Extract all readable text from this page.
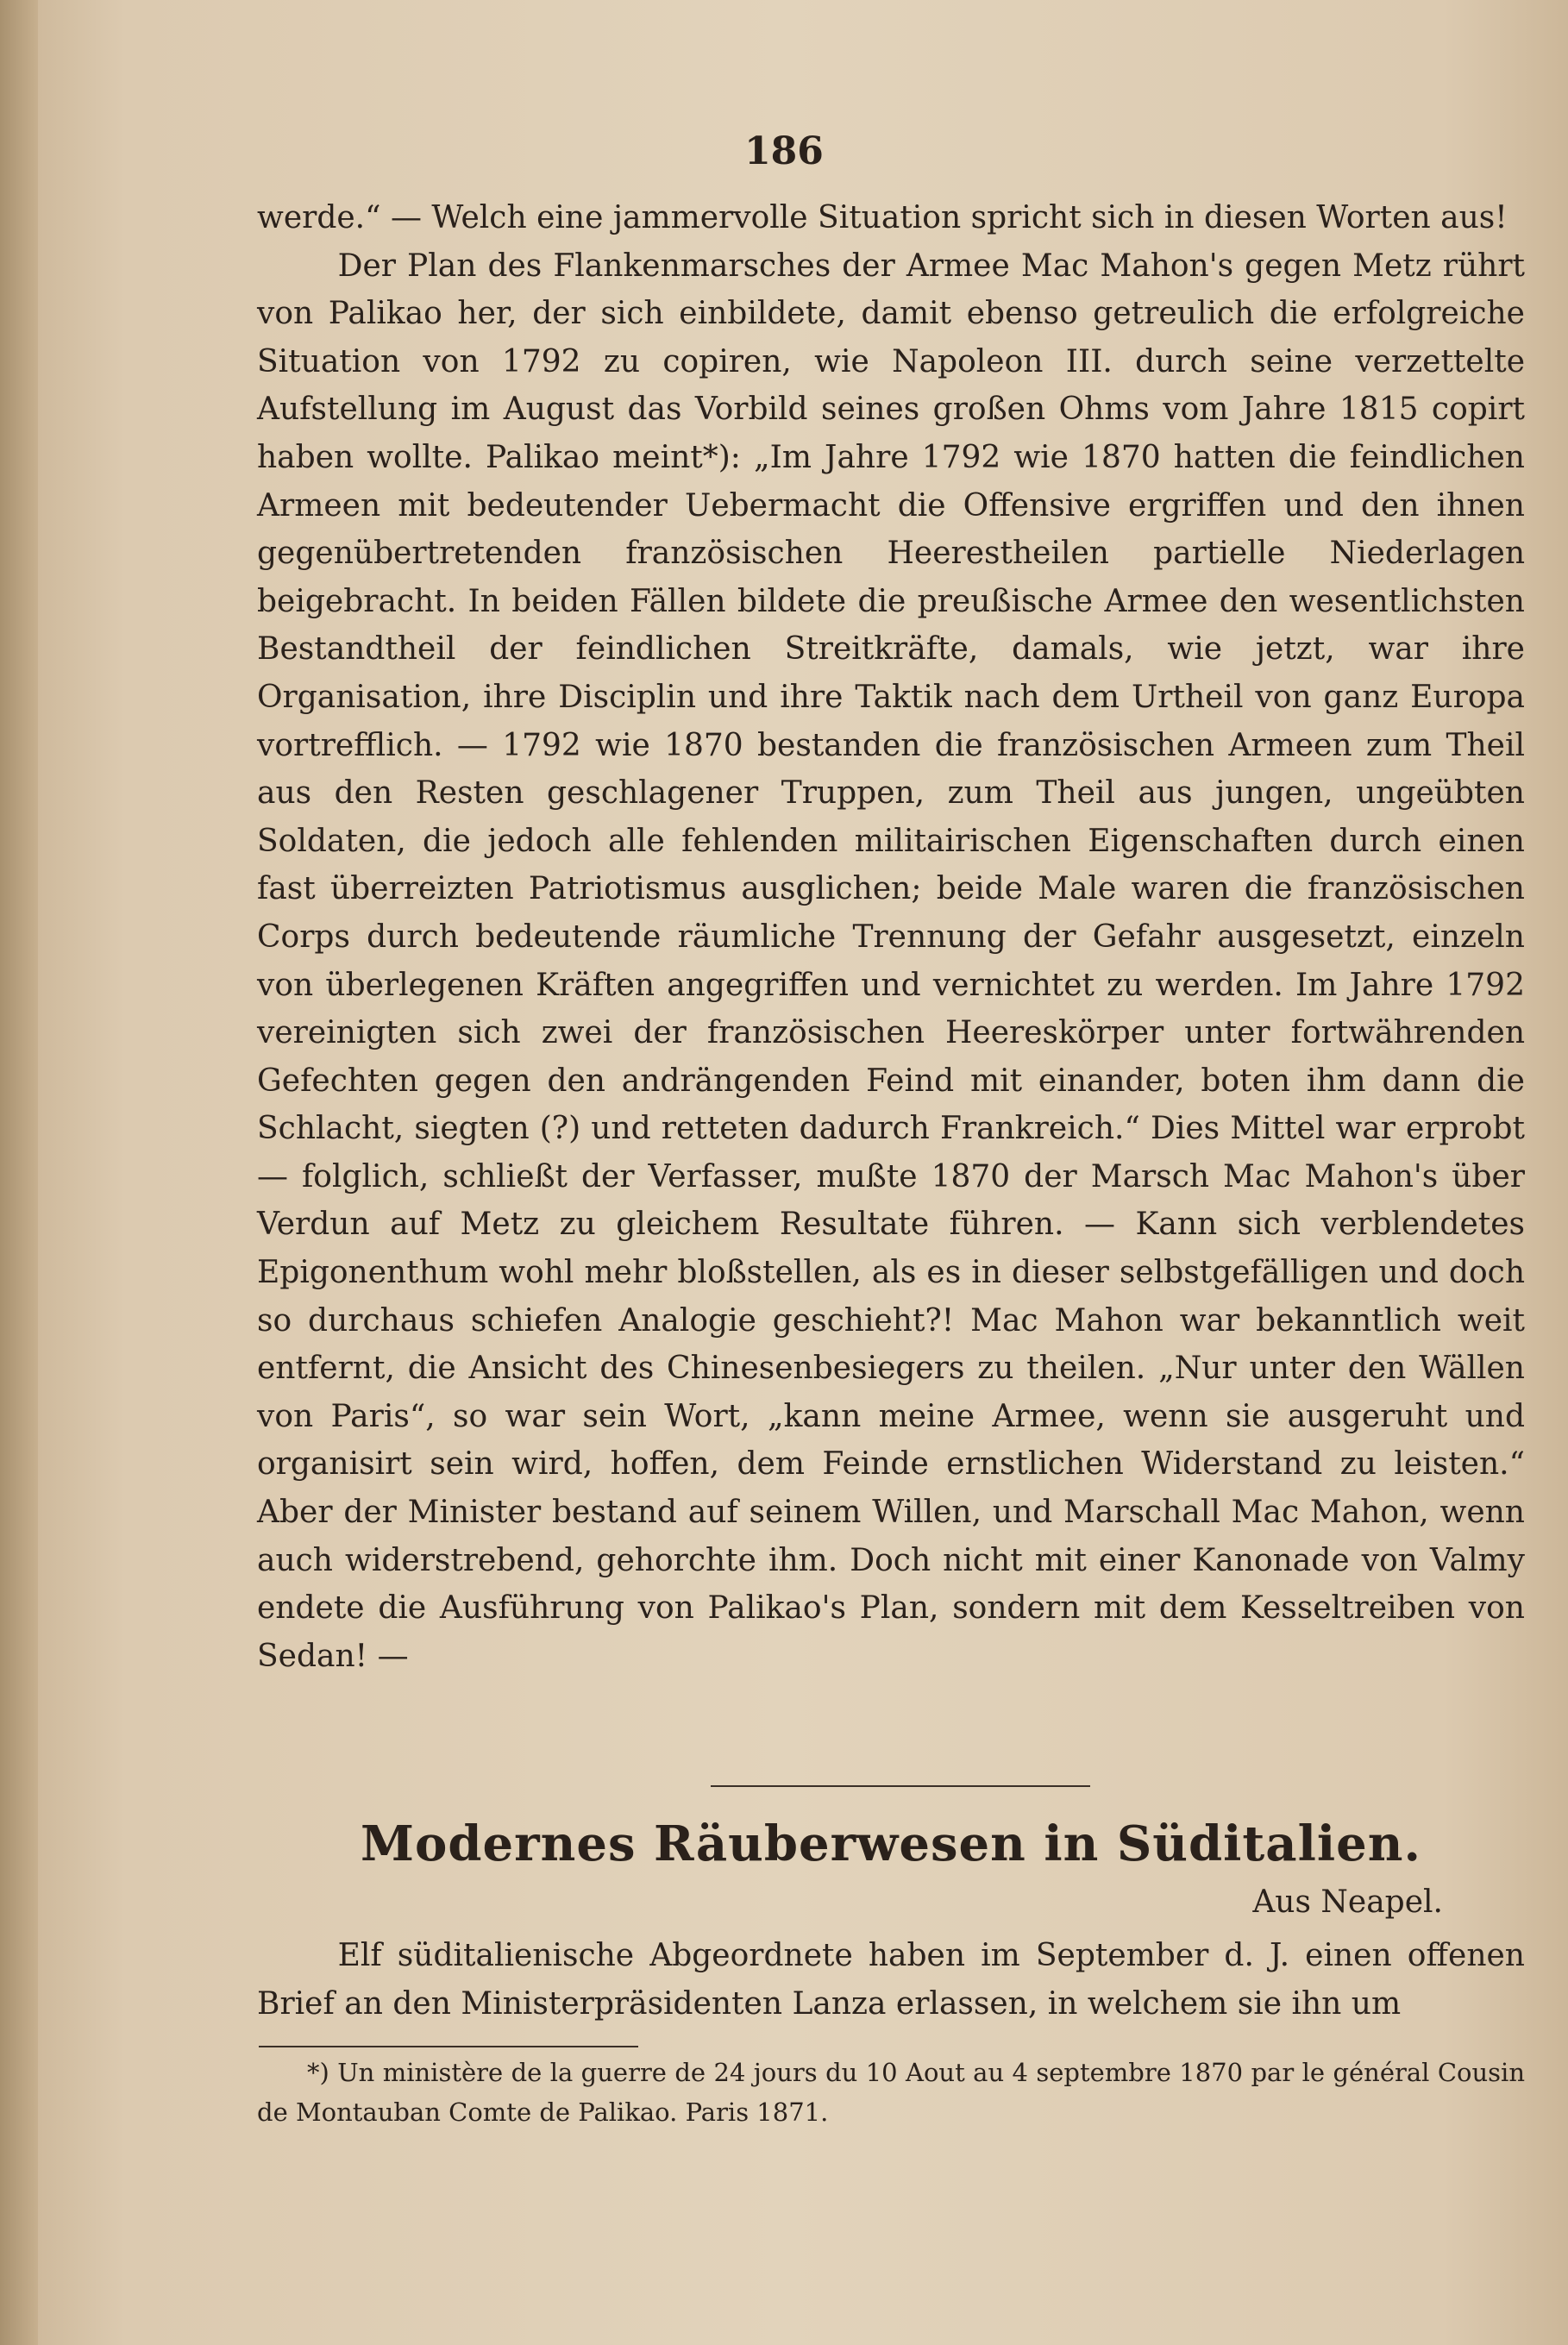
186

werde.“ — Welch eine jammervolle Situation spricht sich in diesen Worten aus!

Der Plan des Flankenmarsches der Armee Mac Mahon's gegen Metz rührt von Palikao her, der sich einbildete, damit ebenso getreulich die erfolgreiche Situation von 1792 zu copiren, wie Napoleon III. durch seine verzettelte Aufstellung im August das Vorbild seines großen Ohms vom Jahre 1815 copirt haben wollte. Palikao meint*): „Im Jahre 1792 wie 1870 hatten die feindlichen Armeen mit bedeutender Uebermacht die Offensive ergriffen und den ihnen gegenübertretenden französischen Heerestheilen partielle Niederlagen beigebracht. In beiden Fällen bildete die preußische Armee den wesentlichsten Bestandtheil der feindlichen Streitkräfte, damals, wie jetzt, war ihre Organisation, ihre Disciplin und ihre Taktik nach dem Urtheil von ganz Europa vortrefflich. — 1792 wie 1870 bestanden die französischen Armeen zum Theil aus den Resten geschlagener Truppen, zum Theil aus jungen, ungeübten Soldaten, die jedoch alle fehlenden militairischen Eigenschaften durch einen fast überreizten Patriotismus ausglichen; beide Male waren die französischen Corps durch bedeutende räumliche Trennung der Gefahr ausgesetzt, einzeln von überlegenen Kräften angegriffen und vernichtet zu werden. Im Jahre 1792 vereinigten sich zwei der französischen Heereskörper unter fortwährenden Gefechten gegen den andrängenden Feind mit einander, boten ihm dann die Schlacht, siegten (?) und retteten dadurch Frankreich.“ Dies Mittel war erprobt — folglich, schließt der Verfasser, mußte 1870 der Marsch Mac Mahon's über Verdun auf Metz zu gleichem Resultate führen. — Kann sich verblendetes Epigonenthum wohl mehr bloßstellen, als es in dieser selbstgefälligen und doch so durchaus schiefen Analogie geschieht?! Mac Mahon war bekanntlich weit entfernt, die Ansicht des Chinesenbesiegers zu theilen. „Nur unter den Wällen von Paris“, so war sein Wort, „kann meine Armee, wenn sie ausgeruht und organisirt sein wird, hoffen, dem Feinde ernstlichen Widerstand zu leisten.“ Aber der Minister bestand auf seinem Willen, und Marschall Mac Mahon, wenn auch widerstrebend, gehorchte ihm. Doch nicht mit einer Kanonade von Valmy endete die Ausführung von Palikao's Plan, sondern mit dem Kesseltreiben von Sedan! —

Modernes Räuberwesen in Süditalien.
Aus Neapel.

Elf süditalienische Abgeordnete haben im September d. J. einen offenen Brief an den Ministerpräsidenten Lanza erlassen, in welchem sie ihn um

*) Un ministère de la guerre de 24 jours du 10 Aout au 4 septembre 1870 par le général Cousin de Montauban Comte de Palikao. Paris 1871.
